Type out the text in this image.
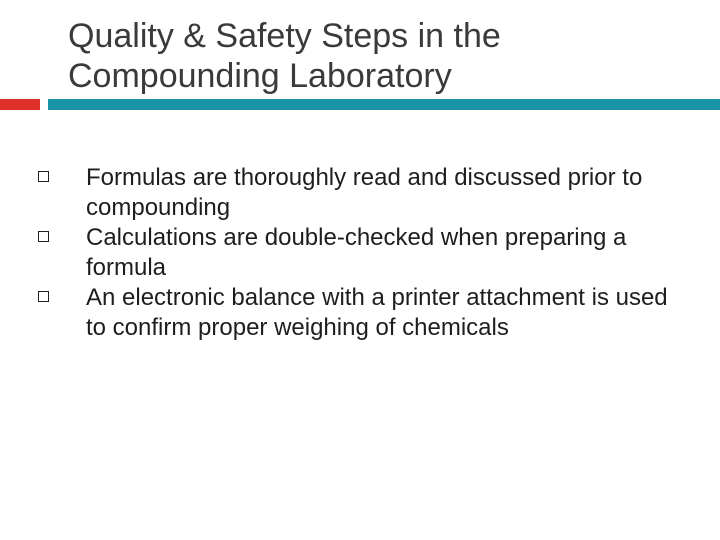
Quality & Safety Steps in the Compounding Laboratory
Formulas are thoroughly read and discussed prior to compounding
Calculations are double-checked when preparing a formula
An electronic balance with a printer attachment is used to confirm proper weighing of chemicals
